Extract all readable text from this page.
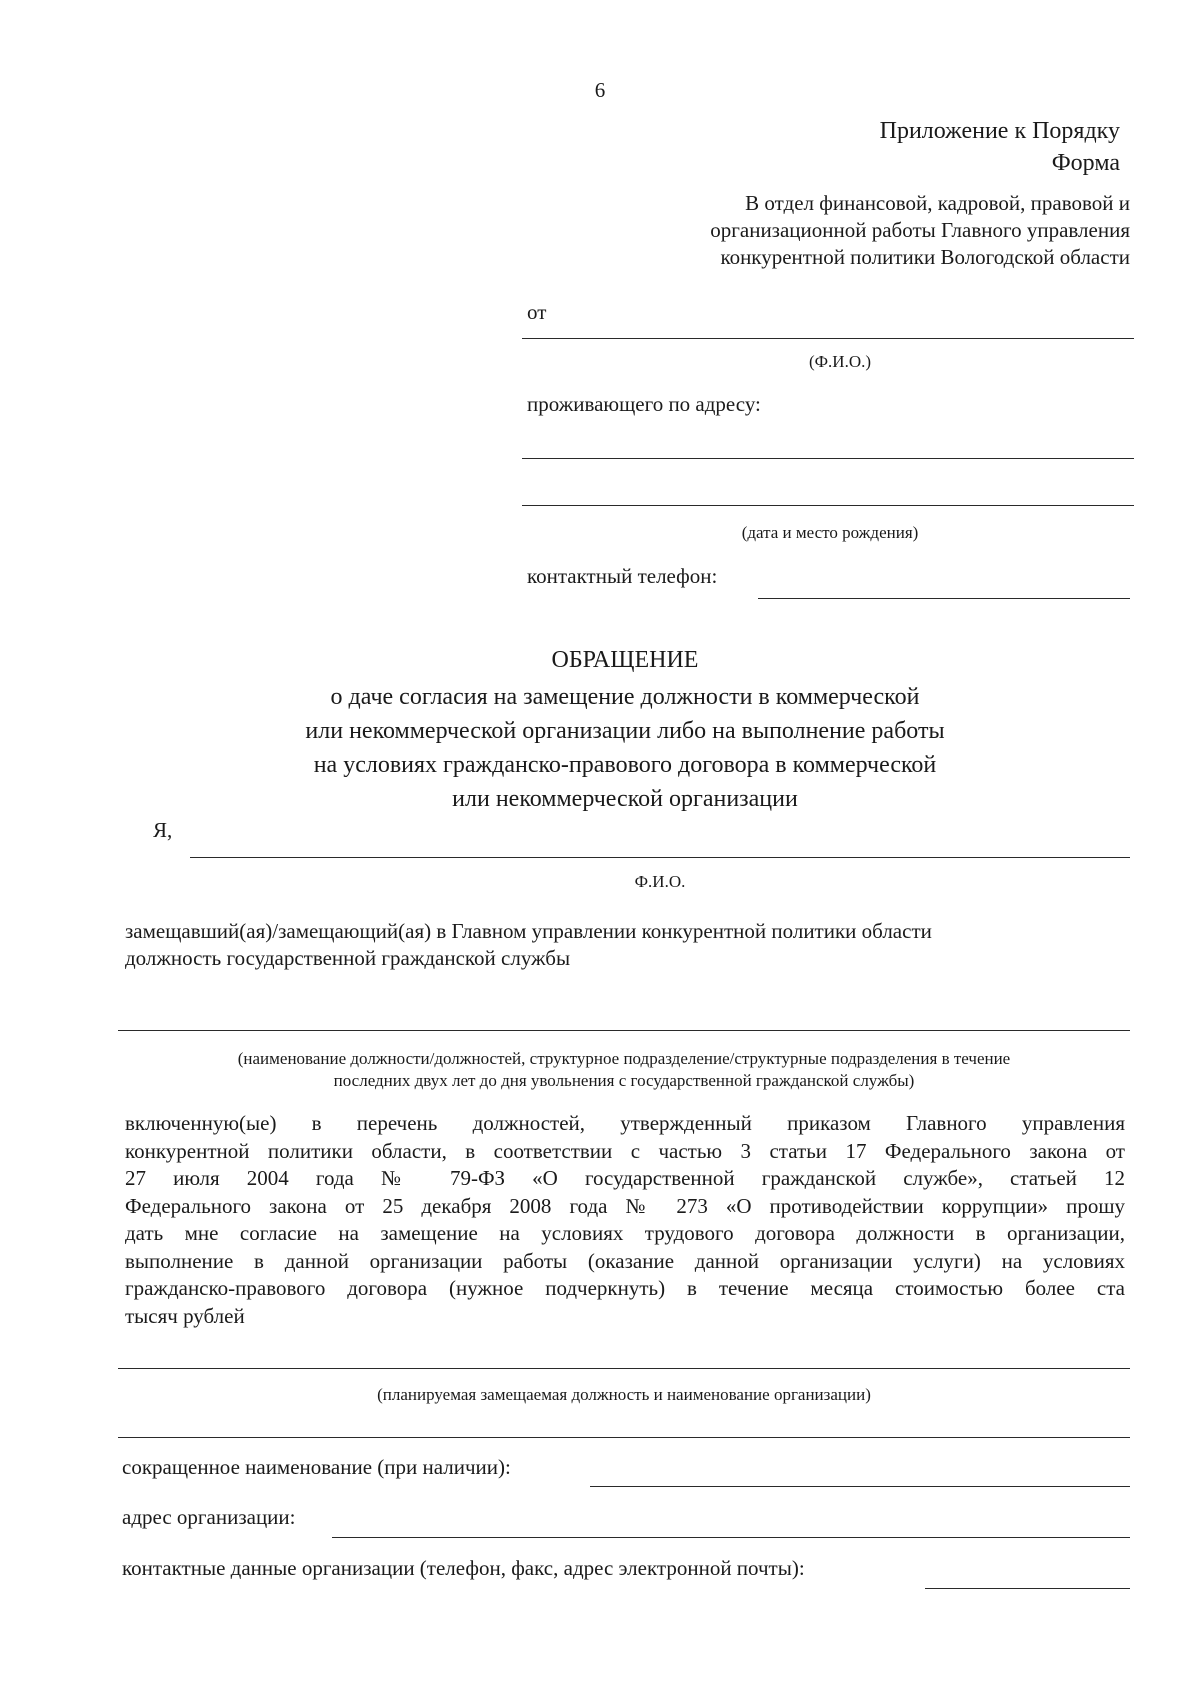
6
Приложение к Порядку
Форма
В отдел финансовой, кадровой, правовой и
организационной работы Главного управления
конкурентной политики Вологодской области
от
(Ф.И.О.)
проживающего по адресу:
(дата и место рождения)
контактный телефон:
ОБРАЩЕНИЕ
о даче согласия на замещение должности в коммерческой
или некоммерческой организации либо на выполнение работы
на условиях гражданско-правового договора в коммерческой
или некоммерческой организации
Я,
Ф.И.О.
замещавший(ая)/замещающий(ая) в Главном управлении конкурентной политики области
должность государственной гражданской службы
(наименование должности/должностей, структурное подразделение/структурные подразделения в течение
последних двух лет до дня увольнения с государственной гражданской службы)
включенную(ые) в перечень должностей, утвержденный приказом Главного управления
конкурентной политики области, в соответствии с частью 3 статьи 17 Федерального закона от
27 июля 2004 года № 79-ФЗ «О государственной гражданской службе», статьей 12
Федерального закона от 25 декабря 2008 года № 273 «О противодействии коррупции» прошу
дать мне согласие на замещение на условиях трудового договора должности в организации,
выполнение в данной организации работы (оказание данной организации услуги) на условиях
гражданско-правового договора (нужное подчеркнуть) в течение месяца стоимостью более ста
тысяч рублей
(планируемая замещаемая должность и наименование организации)
сокращенное наименование (при наличии):
адрес организации:
контактные данные организации (телефон, факс, адрес электронной почты):
